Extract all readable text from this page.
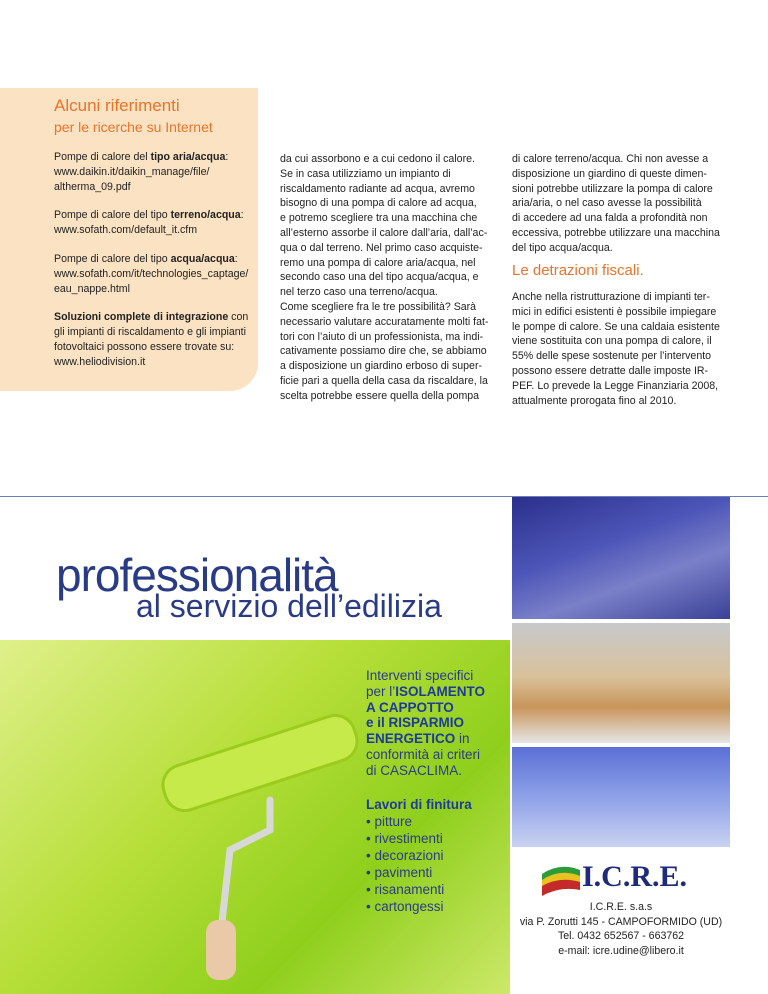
Alcuni riferimenti
per le ricerche su Internet

Pompe di calore del tipo aria/acqua:
www.daikin.it/daikin_manage/file/
altherma_09.pdf

Pompe di calore del tipo terreno/acqua:
www.sofath.com/default_it.cfm

Pompe di calore del tipo acqua/acqua:
www.sofath.com/it/technologies_captage/
eau_nappe.html

Soluzioni complete di integrazione con gli impianti di riscaldamento e gli impianti fotovoltaici possono essere trovate su:
www.heliodivision.it

da cui assorbono e a cui cedono il calore.
Se in casa utilizziamo un impianto di
riscaldamento radiante ad acqua, avremo
bisogno di una pompa di calore ad acqua,
e potremo scegliere tra una macchina che
all’esterno assorbe il calore dall’aria, dall’ac-
qua o dal terreno. Nel primo caso acquiste-
remo una pompa di calore aria/acqua, nel
secondo caso una del tipo acqua/acqua, e
nel terzo caso una terreno/acqua.
Come scegliere fra le tre possibilità? Sarà
necessario valutare accuratamente molti fat-
tori con l’aiuto di un professionista, ma indi-
cativamente possiamo dire che, se abbiamo
a disposizione un giardino erboso di super-
ficie pari a quella della casa da riscaldare, la
scelta potrebbe essere quella della pompa
di calore terreno/acqua. Chi non avesse a
disposizione un giardino di queste dimen-
sioni potrebbe utilizzare la pompa di calore
aria/aria, o nel caso avesse la possibilità
di accedere ad una falda a profondità non
eccessiva, potrebbe utilizzare una macchina
del tipo acqua/acqua.
Le detrazioni fiscali.
Anche nella ristrutturazione di impianti ter-
mici in edifici esistenti è possibile impiegare
le pompe di calore. Se una caldaia esistente
viene sostituita con una pompa di calore, il
55% delle spese sostenute per l’intervento
possono essere detratte dalle imposte IR-
PEF. Lo prevede la Legge Finanziaria 2008,
attualmente prorogata fino al 2010.
professionalità
al servizio dell’edilizia
Interventi specifici
per l’ISOLAMENTO
A CAPPOTTO
e il RISPARMIO
ENERGETICO in
conformità ai criteri
di CASACLIMA.
Lavori di finitura
• pitture
• rivestimenti
• decorazioni
• pavimenti
• risanamenti
• cartongessi
I.C.R.E.
I.C.R.E. s.a.s
via P. Zorutti 145 - CAMPOFORMIDO (UD)
Tel. 0432 652567 - 663762
e-mail: icre.udine@libero.it
